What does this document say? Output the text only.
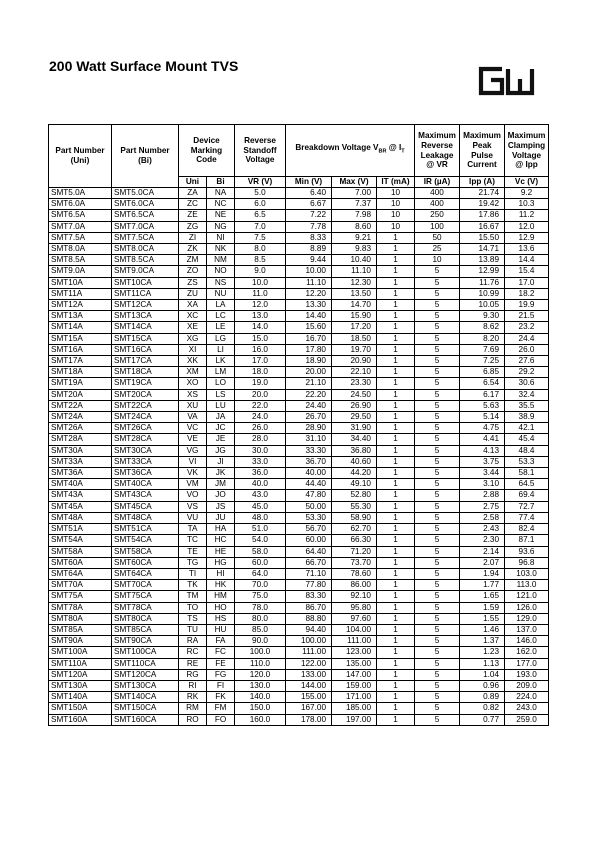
200 Watt Surface Mount TVS
Part Number (Uni)	Part Number (Bi)	Device Marking Code		Reverse Standoff Voltage	Breakdown Voltage $V_{BR}$ @ $I_T$			Maximum Reverse Leakage @ VR	Maximum Peak Pulse Current	Maximum Clamping Voltage @ Ipp
		Uni	Bi	VR (V)	Min (V)	Max (V)	IT (mA)	IR (µA)	Ipp (A)	Vc (V)
SMT5.0A	SMT5.0CA	ZA	NA	5.0	6.40	7.00	10	400	21.74	9.2
SMT6.0A	SMT6.0CA	ZC	NC	6.0	6.67	7.37	10	400	19.42	10.3
SMT6.5A	SMT6.5CA	ZE	NE	6.5	7.22	7.98	10	250	17.86	11.2
SMT7.0A	SMT7.0CA	ZG	NG	7.0	7.78	8.60	10	100	16.67	12.0
SMT7.5A	SMT7.5CA	ZI	NI	7.5	8.33	9.21	1	50	15.50	12.9
SMT8.0A	SMT8.0CA	ZK	NK	8.0	8.89	9.83	1	25	14.71	13.6
SMT8.5A	SMT8.5CA	ZM	NM	8.5	9.44	10.40	1	10	13.89	14.4
SMT9.0A	SMT9.0CA	ZO	NO	9.0	10.00	11.10	1	5	12.99	15.4
SMT10A	SMT10CA	ZS	NS	10.0	11.10	12.30	1	5	11.76	17.0
SMT11A	SMT11CA	ZU	NU	11.0	12.20	13.50	1	5	10.99	18.2
SMT12A	SMT12CA	XA	LA	12.0	13.30	14.70	1	5	10.05	19.9
SMT13A	SMT13CA	XC	LC	13.0	14.40	15.90	1	5	9.30	21.5
SMT14A	SMT14CA	XE	LE	14.0	15.60	17.20	1	5	8.62	23.2
SMT15A	SMT15CA	XG	LG	15.0	16.70	18.50	1	5	8.20	24.4
SMT16A	SMT16CA	XI	LI	16.0	17.80	19.70	1	5	7.69	26.0
SMT17A	SMT17CA	XK	LK	17.0	18.90	20.90	1	5	7.25	27.6
SMT18A	SMT18CA	XM	LM	18.0	20.00	22.10	1	5	6.85	29.2
SMT19A	SMT19CA	XO	LO	19.0	21.10	23.30	1	5	6.54	30.6
SMT20A	SMT20CA	XS	LS	20.0	22.20	24.50	1	5	6.17	32.4
SMT22A	SMT22CA	XU	LU	22.0	24.40	26.90	1	5	5.63	35.5
SMT24A	SMT24CA	VA	JA	24.0	26.70	29.50	1	5	5.14	38.9
SMT26A	SMT26CA	VC	JC	26.0	28.90	31.90	1	5	4.75	42.1
SMT28A	SMT28CA	VE	JE	28.0	31.10	34.40	1	5	4.41	45.4
SMT30A	SMT30CA	VG	JG	30.0	33.30	36.80	1	5	4.13	48.4
SMT33A	SMT33CA	VI	JI	33.0	36.70	40.60	1	5	3.75	53.3
SMT36A	SMT36CA	VK	JK	36.0	40.00	44.20	1	5	3.44	58.1
SMT40A	SMT40CA	VM	JM	40.0	44.40	49.10	1	5	3.10	64.5
SMT43A	SMT43CA	VO	JO	43.0	47.80	52.80	1	5	2.88	69.4
SMT45A	SMT45CA	VS	JS	45.0	50.00	55.30	1	5	2.75	72.7
SMT48A	SMT48CA	VU	JU	48.0	53.30	58.90	1	5	2.58	77.4
SMT51A	SMT51CA	TA	HA	51.0	56.70	62.70	1	5	2.43	82.4
SMT54A	SMT54CA	TC	HC	54.0	60.00	66.30	1	5	2.30	87.1
SMT58A	SMT58CA	TE	HE	58.0	64.40	71.20	1	5	2.14	93.6
SMT60A	SMT60CA	TG	HG	60.0	66.70	73.70	1	5	2.07	96.8
SMT64A	SMT64CA	TI	HI	64.0	71.10	78.60	1	5	1.94	103.0
SMT70A	SMT70CA	TK	HK	70.0	77.80	86.00	1	5	1.77	113.0
SMT75A	SMT75CA	TM	HM	75.0	83.30	92.10	1	5	1.65	121.0
SMT78A	SMT78CA	TO	HO	78.0	86.70	95.80	1	5	1.59	126.0
SMT80A	SMT80CA	TS	HS	80.0	88.80	97.60	1	5	1.55	129.0
SMT85A	SMT85CA	TU	HU	85.0	94.40	104.00	1	5	1.46	137.0
SMT90A	SMT90CA	RA	FA	90.0	100.00	111.00	1	5	1.37	146.0
SMT100A	SMT100CA	RC	FC	100.0	111.00	123.00	1	5	1.23	162.0
SMT110A	SMT110CA	RE	FE	110.0	122.00	135.00	1	5	1.13	177.0
SMT120A	SMT120CA	RG	FG	120.0	133.00	147.00	1	5	1.04	193.0
SMT130A	SMT130CA	RI	FI	130.0	144.00	159.00	1	5	0.96	209.0
SMT140A	SMT140CA	RK	FK	140.0	155.00	171.00	1	5	0.89	224.0
SMT150A	SMT150CA	RM	FM	150.0	167.00	185.00	1	5	0.82	243.0
SMT160A	SMT160CA	RO	FO	160.0	178.00	197.00	1	5	0.77	259.0
